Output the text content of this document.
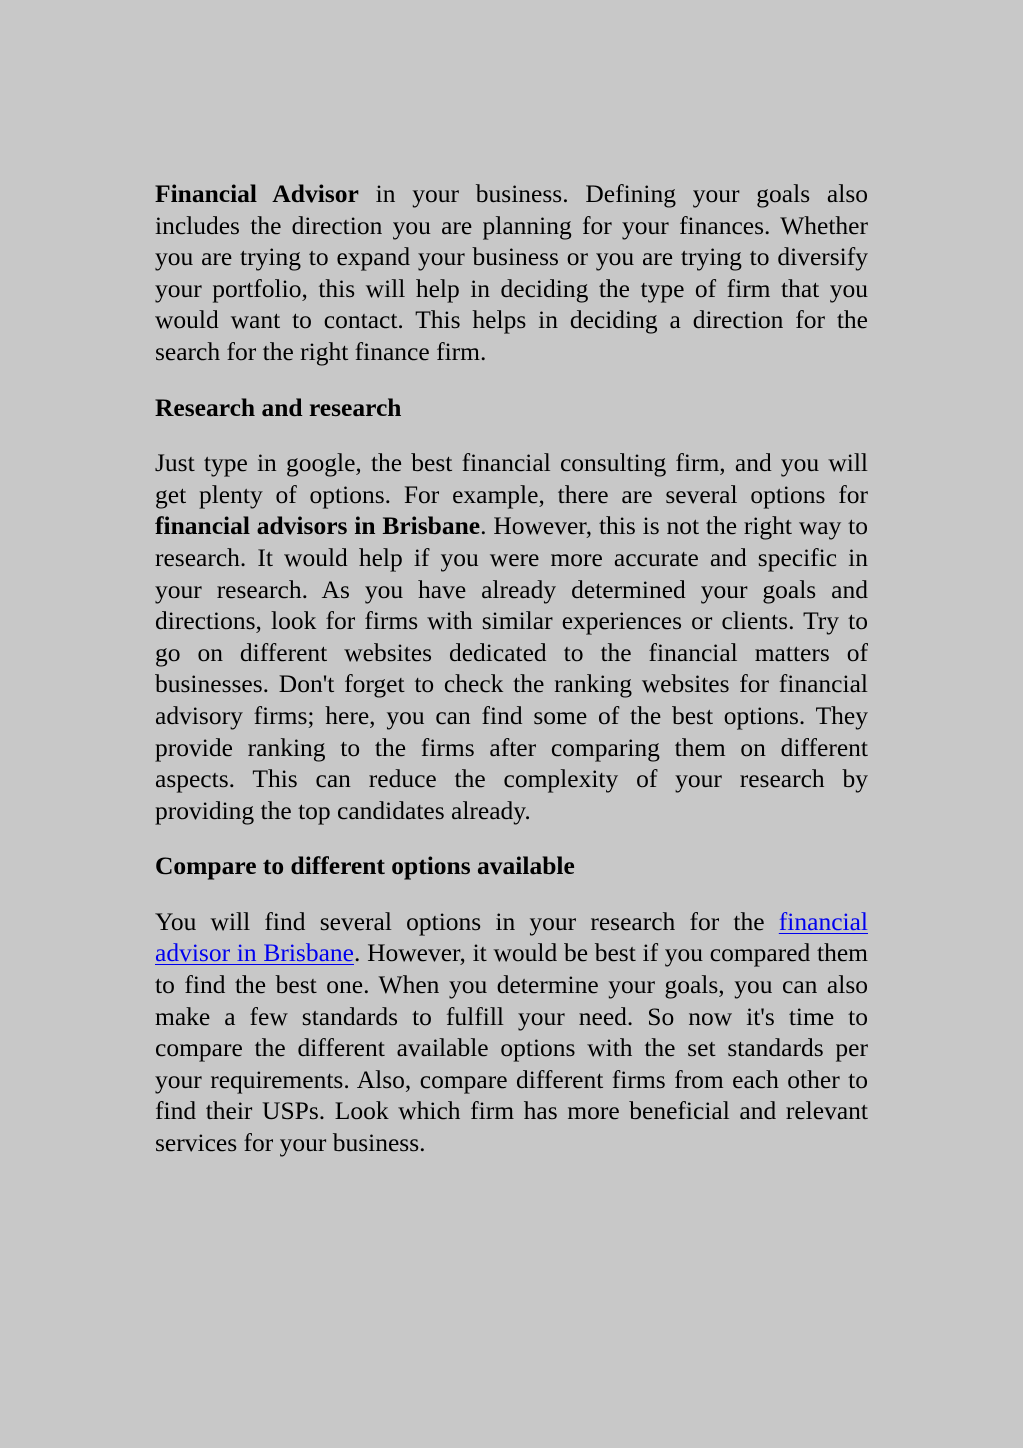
Financial Advisor in your business. Defining your goals also includes the direction you are planning for your finances. Whether you are trying to expand your business or you are trying to diversify your portfolio, this will help in deciding the type of firm that you would want to contact. This helps in deciding a direction for the search for the right finance firm.

Research and research

Just type in google, the best financial consulting firm, and you will get plenty of options. For example, there are several options for financial advisors in Brisbane. However, this is not the right way to research. It would help if you were more accurate and specific in your research. As you have already determined your goals and directions, look for firms with similar experiences or clients. Try to go on different websites dedicated to the financial matters of businesses. Don't forget to check the ranking websites for financial advisory firms; here, you can find some of the best options. They provide ranking to the firms after comparing them on different aspects. This can reduce the complexity of your research by providing the top candidates already.

Compare to different options available

You will find several options in your research for the financial advisor in Brisbane. However, it would be best if you compared them to find the best one. When you determine your goals, you can also make a few standards to fulfill your need. So now it's time to compare the different available options with the set standards per your requirements. Also, compare different firms from each other to find their USPs. Look which firm has more beneficial and relevant services for your business.
